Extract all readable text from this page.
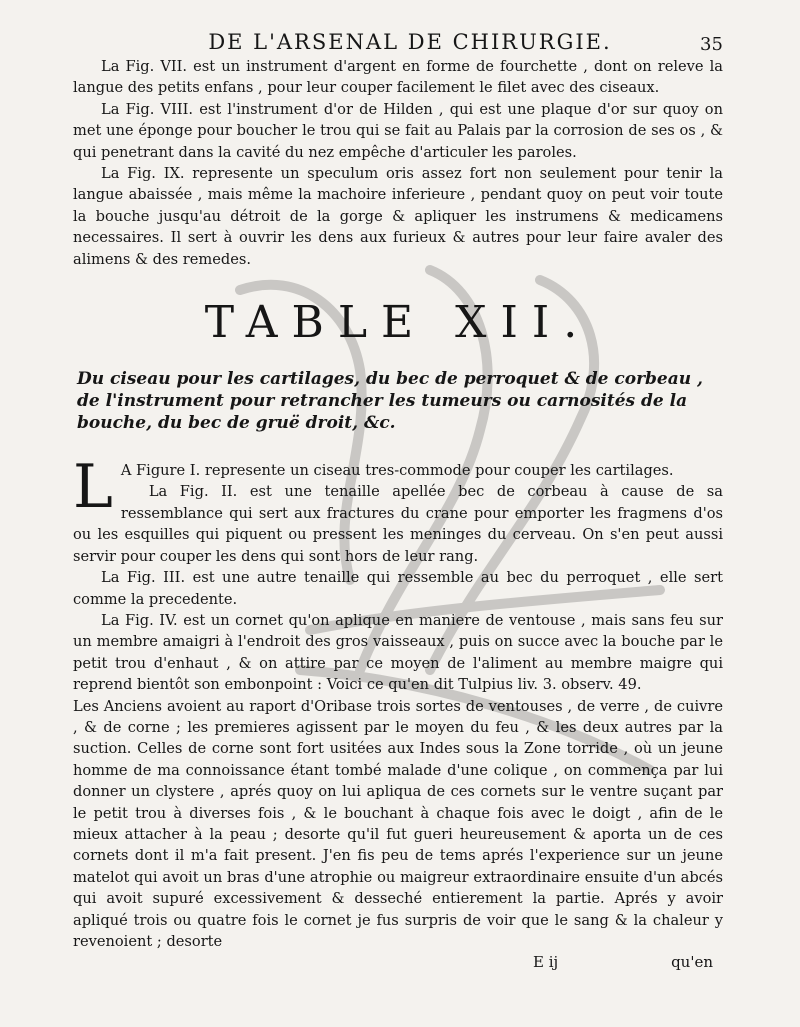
DE L'ARSENAL DE CHIRURGIE.	35

La Fig. VII. est un instrument d'argent en forme de fourchette , dont on releve la langue des petits enfans , pour leur couper facilement le filet avec des ciseaux.

La Fig. VIII. est l'instrument d'or de Hilden , qui est une plaque d'or sur quoy on met une éponge pour boucher le trou qui se fait au Palais par la corrosion de ses os , & qui penetrant dans la cavité du nez empêche d'articuler les paroles.

La Fig. IX. represente un speculum oris assez fort non seulement pour tenir la langue abaissée , mais même la machoire inferieure , pendant quoy on peut voir toute la bouche jusqu'au détroit de la gorge & apliquer les instrumens & medicamens necessaires. Il sert à ouvrir les dens aux furieux & autres pour leur faire avaler des alimens & des remedes.

TABLE XII.
Du ciseau pour les cartilages, du bec de perroquet & de corbeau , de l'instrument pour retrancher les tumeurs ou carnosités de la bouche, du bec de gruë droit, &c.

L A Figure I. represente un ciseau tres-commode pour couper les cartilages.

La Fig. II. est une tenaille apellée bec de corbeau à cause de sa ressemblance qui sert aux fractures du crane pour emporter les fragmens d'os ou les esquilles qui piquent ou pressent les meninges du cerveau. On s'en peut aussi servir pour couper les dens qui sont hors de leur rang.

La Fig. III. est une autre tenaille qui ressemble au bec du perroquet , elle sert comme la precedente.

La Fig. IV. est un cornet qu'on aplique en maniere de ventouse , mais sans feu sur un membre amaigri à l'endroit des gros vaisseaux , puis on succe avec la bouche par le petit trou d'enhaut , & on attire par ce moyen de l'aliment au membre maigre qui reprend bientôt son embonpoint : Voici ce qu'en dit Tulpius liv. 3. observ. 49.

Les Anciens avoient au raport d'Oribase trois sortes de ventouses , de verre , de cuivre , & de corne ; les premieres agissent par le moyen du feu , & les deux autres par la suction. Celles de corne sont fort usitées aux Indes sous la Zone torride , où un jeune homme de ma connoissance étant tombé malade d'une colique , on commença par lui donner un clystere , aprés quoy on lui apliqua de ces cornets sur le ventre suçant par le petit trou à diverses fois , & le bouchant à chaque fois avec le doigt , afin de le mieux attacher à la peau ; desorte qu'il fut gueri heureusement & aporta un de ces cornets dont il m'a fait present. J'en fis peu de tems aprés l'experience sur un jeune matelot qui avoit un bras d'une atrophie ou maigreur extraordinaire ensuite d'un abcés qui avoit supuré excessivement & desseché entierement la partie. Aprés y avoir apliqué trois ou quatre fois le cornet je fus surpris de voir que le sang & la chaleur y revenoient ; desorte

E ij	qu'en
